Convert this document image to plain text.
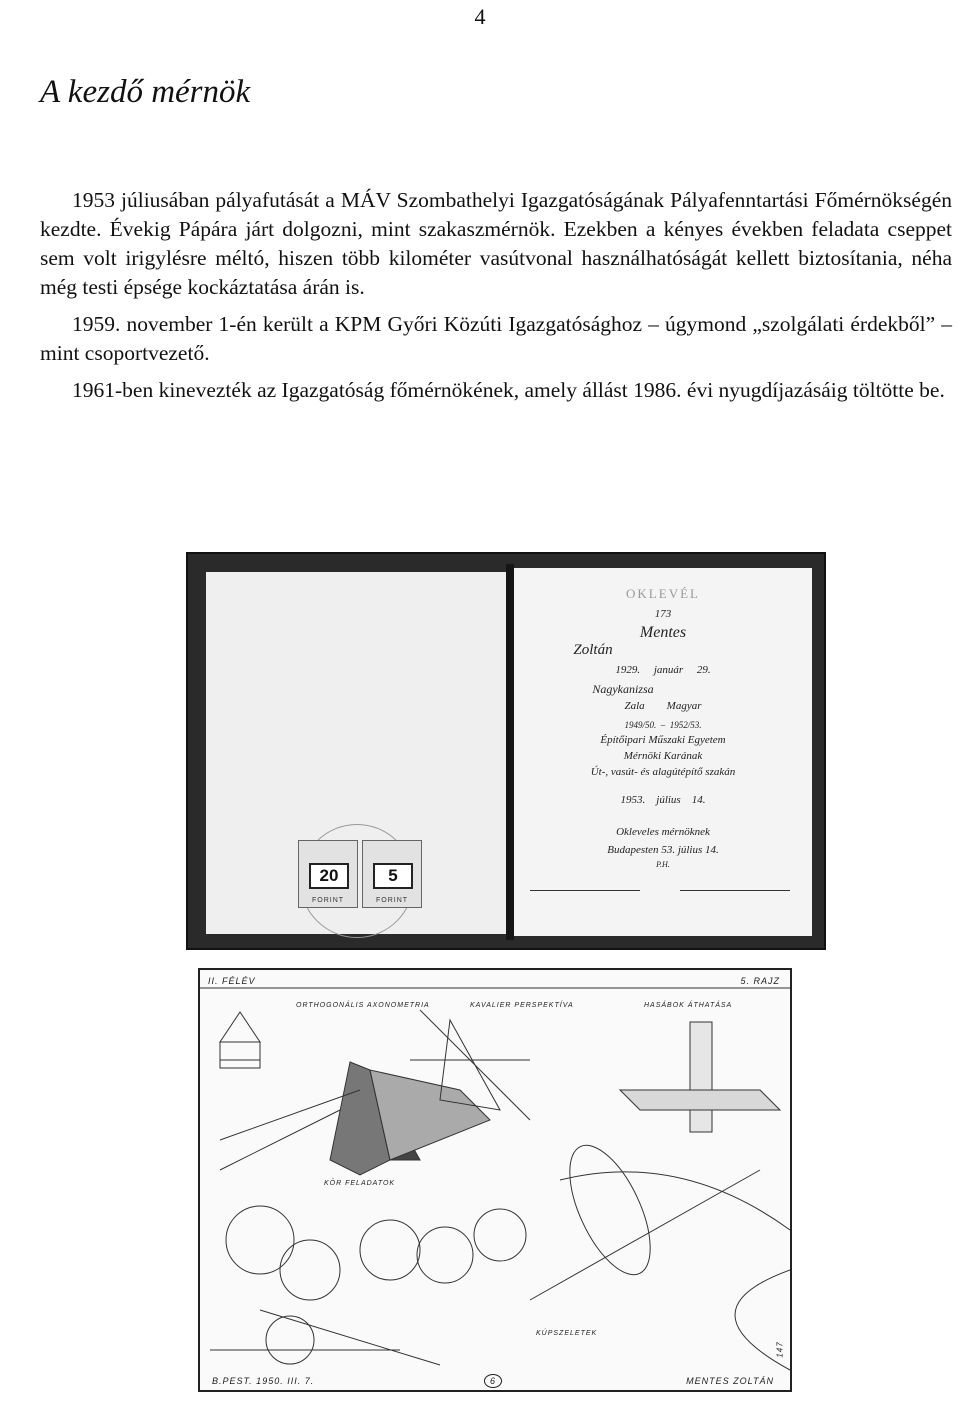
4
A kezdő mérnök

1953 júliusában pályafutását a MÁV Szombathelyi Igazgatóságának Pályafenntartási Főmérnökségén kezdte. Évekig Pápára járt dolgozni, mint szakaszmérnök. Ezekben a kényes években feladata cseppet sem volt irigylésre méltó, hiszen több kilométer vasútvonal használhatóságát kellett biztosítania, néha még testi épsége kockáztatása árán is.

1959. november 1-én került a KPM Győri Közúti Igazgatósághoz – úgymond „szolgálati érdekből” – mint csoportvezető.

1961-ben kinevezték az Igazgatóság főmérnökének, amely állást 1986. évi nyugdíjazásáig töltötte be.

20
FORINT
5
FORINT
OKLEVÉL
173
Mentes
Zoltán
1929. január 29.
Nagykanizsa
Zala Magyar
1949/50.  –  1952/53.
Építőipari Műszaki Egyetem
Mérnöki Karának
Út-, vasút- és alagútépítő szakán
1953. július 14.
Okleveles mérnöknek
Budapesten 53. július 14.
P.H.
II. FÉLÉV	5. RAJZ
ORTHOGONÁLIS AXONOMETRIA	KAVALIER PERSPEKTÍVA	HASÁBOK ÁTHATÁSA
KÖR FELADATOK
KÚPSZELETEK
B.PEST. 1950. III. 7.	6	MENTES ZOLTÁN
147
